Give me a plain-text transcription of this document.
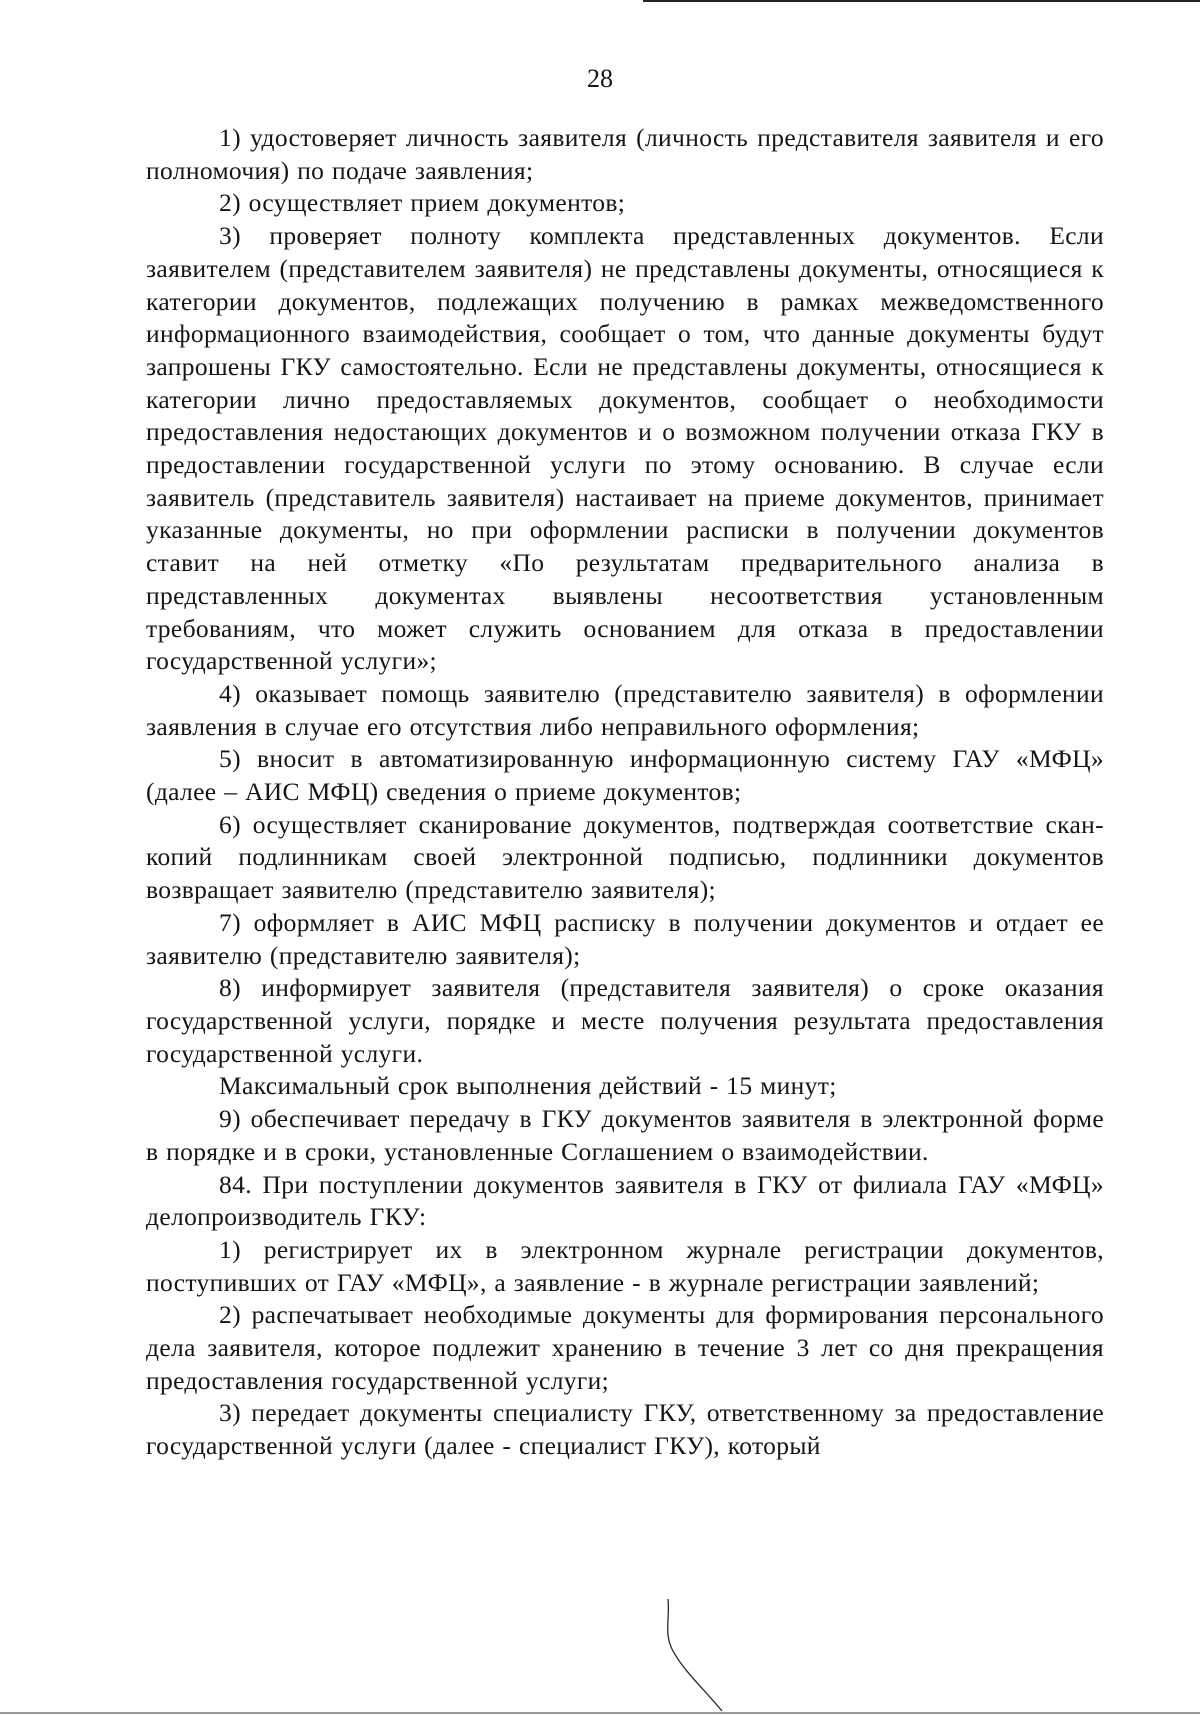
28

1) удостоверяет личность заявителя (личность представителя заявителя и его полномочия) по подаче заявления;

2) осуществляет прием документов;

3) проверяет полноту комплекта представленных документов. Если заявителем (представителем заявителя) не представлены документы, относящиеся к категории документов, подлежащих получению в рамках межведомственного информационного взаимодействия, сообщает о том, что данные документы будут запрошены ГКУ самостоятельно. Если не представлены документы, относящиеся к категории лично предоставляемых документов, сообщает о необходимости предоставления недостающих документов и о возможном получении отказа ГКУ в предоставлении государственной услуги по этому основанию. В случае если заявитель (представитель заявителя) настаивает на приеме документов, принимает указанные документы, но при оформлении расписки в получении документов ставит на ней отметку «По результатам предварительного анализа в представленных документах выявлены несоответствия установленным требованиям, что может служить основанием для отказа в предоставлении государственной услуги»;

4) оказывает помощь заявителю (представителю заявителя) в оформлении заявления в случае его отсутствия либо неправильного оформления;

5) вносит в автоматизированную информационную систему ГАУ «МФЦ» (далее – АИС МФЦ) сведения о приеме документов;

6) осуществляет сканирование документов, подтверждая соответствие скан-копий подлинникам своей электронной подписью, подлинники документов возвращает заявителю (представителю заявителя);

7) оформляет в АИС МФЦ расписку в получении документов и отдает ее заявителю (представителю заявителя);

8) информирует заявителя (представителя заявителя) о сроке оказания государственной услуги, порядке и месте получения результата предоставления государственной услуги.

Максимальный срок выполнения действий - 15 минут;

9) обеспечивает передачу в ГКУ документов заявителя в электронной форме в порядке и в сроки, установленные Соглашением о взаимодействии.

84. При поступлении документов заявителя в ГКУ от филиала ГАУ «МФЦ» делопроизводитель ГКУ:

1) регистрирует их в электронном журнале регистрации документов, поступивших от ГАУ «МФЦ», а заявление - в журнале регистрации заявлений;

2) распечатывает необходимые документы для формирования персонального дела заявителя, которое подлежит хранению в течение 3 лет со дня прекращения предоставления государственной услуги;

3) передает документы специалисту ГКУ, ответственному за предоставление государственной услуги (далее - специалист ГКУ), который
